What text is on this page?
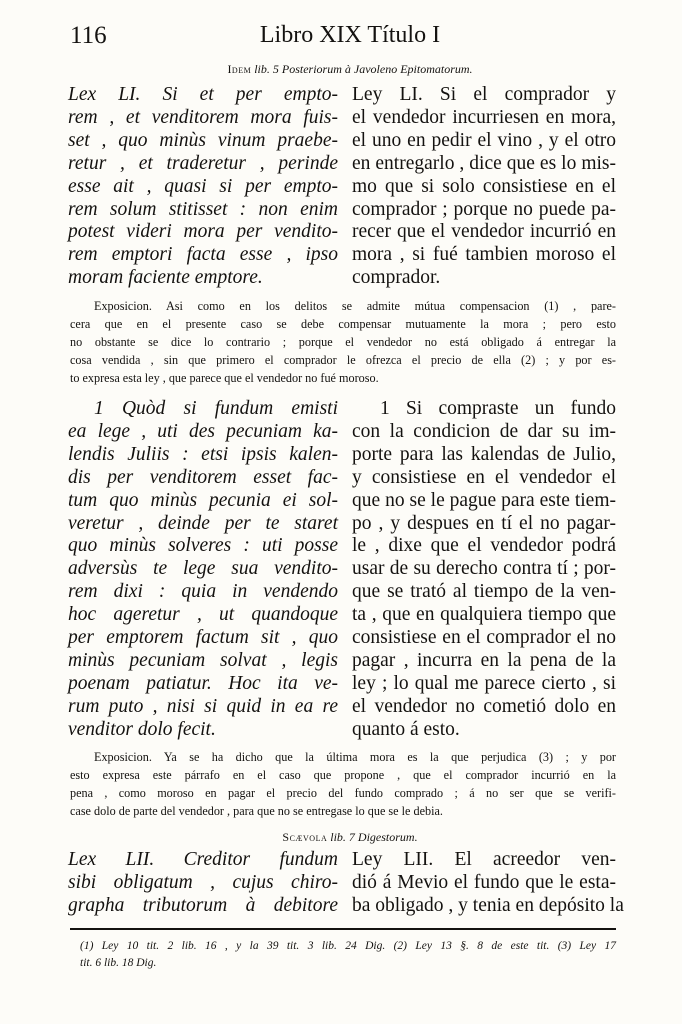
116	Libro XIX Título I
Idem lib. 5 Posteriorum à Javoleno Epitomatorum.
Lex LI. Si et per empto-
rem , et venditorem mora fuis-
set , quo minùs vinum praebe-
retur , et traderetur , perinde
esse ait , quasi si per empto-
rem solum stitisset : non enim
potest videri mora per vendito-
rem emptori facta esse , ipso
moram faciente emptore.
Ley LI. Si el comprador y
el vendedor incurriesen en mora,
el uno en pedir el vino , y el otro
en entregarlo , dice que es lo mis-
mo que si solo consistiese en el
comprador ; porque no puede pa-
recer que el vendedor incurrió en
mora , si fué tambien moroso el
comprador.
Exposicion. Asi como en los delitos se admite mútua compensacion (1) , pare-
cera que en el presente caso se debe compensar mutuamente la mora ; pero esto
no obstante se dice lo contrario ; porque el vendedor no está obligado á entregar la
cosa vendida , sin que primero el comprador le ofrezca el precio de ella (2) ; y por es-
to expresa esta ley , que parece que el vendedor no fué moroso.
1 Quòd si fundum emisti
ea lege , uti des pecuniam ka-
lendis Juliis : etsi ipsis kalen-
dis per venditorem esset fac-
tum quo minùs pecunia ei sol-
veretur , deinde per te staret
quo minùs solveres : uti posse
adversùs te lege sua vendito-
rem dixi : quia in vendendo
hoc ageretur , ut quandoque
per emptorem factum sit , quo
minùs pecuniam solvat , legis
poenam patiatur. Hoc ita ve-
rum puto , nisi si quid in ea re
venditor dolo fecit.
1 Si compraste un fundo
con la condicion de dar su im-
porte para las kalendas de Julio,
y consistiese en el vendedor el
que no se le pague para este tiem-
po , y despues en tí el no pagar-
le , dixe que el vendedor podrá
usar de su derecho contra tí ; por-
que se trató al tiempo de la ven-
ta , que en qualquiera tiempo que
consistiese en el comprador el no
pagar , incurra en la pena de la
ley ; lo qual me parece cierto , si
el vendedor no cometió dolo en
quanto á esto.
Exposicion. Ya se ha dicho que la última mora es la que perjudica (3) ; y por
esto expresa este párrafo en el caso que propone , que el comprador incurrió en la
pena , como moroso en pagar el precio del fundo comprado ; á no ser que se verifi-
case dolo de parte del vendedor , para que no se entregase lo que se le debia.
Scævola lib. 7 Digestorum.
Lex LII. Creditor fundum
sibi obligatum , cujus chiro-
grapha tributorum à debitore
Ley LII. El acreedor ven-
dió á Mevio el fundo que le esta-
ba obligado , y tenia en depósito la
(1) Ley 10 tit. 2 lib. 16 , y la 39 tit. 3 lib. 24 Dig. (2) Ley 13 §. 8 de este tit. (3) Ley 17
tit. 6 lib. 18 Dig.
